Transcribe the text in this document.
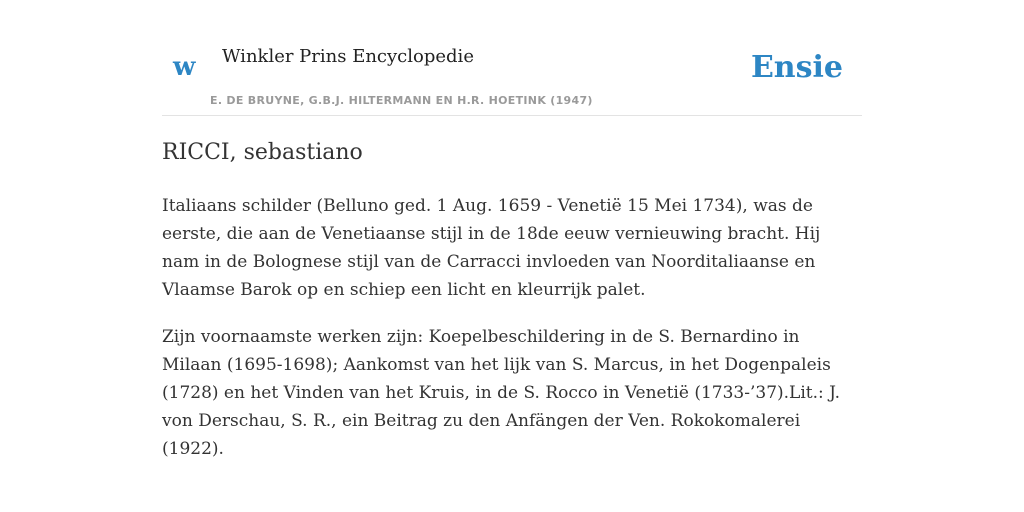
w Winkler Prins Encyclopedie
E. DE BRUYNE, G.B.J. HILTERMANN EN H.R. HOETINK (1947)
Ensie
RICCI, sebastiano

Italiaans schilder (Belluno ged. 1 Aug. 1659 - Venetië 15 Mei 1734), was de eerste, die aan de Venetiaanse stijl in de 18de eeuw vernieuwing bracht. Hij nam in de Bolognese stijl van de Carracci invloeden van Noorditaliaanse en Vlaamse Barok op en schiep een licht en kleurrijk palet.

Zijn voornaamste werken zijn: Koepelbeschildering in de S. Bernardino in Milaan (1695-1698); Aankomst van het lijk van S. Marcus, in het Dogenpaleis (1728) en het Vinden van het Kruis, in de S. Rocco in Venetië (1733-’37).Lit.: J. von Derschau, S. R., ein Beitrag zu den Anfängen der Ven. Rokokomalerei (1922).
